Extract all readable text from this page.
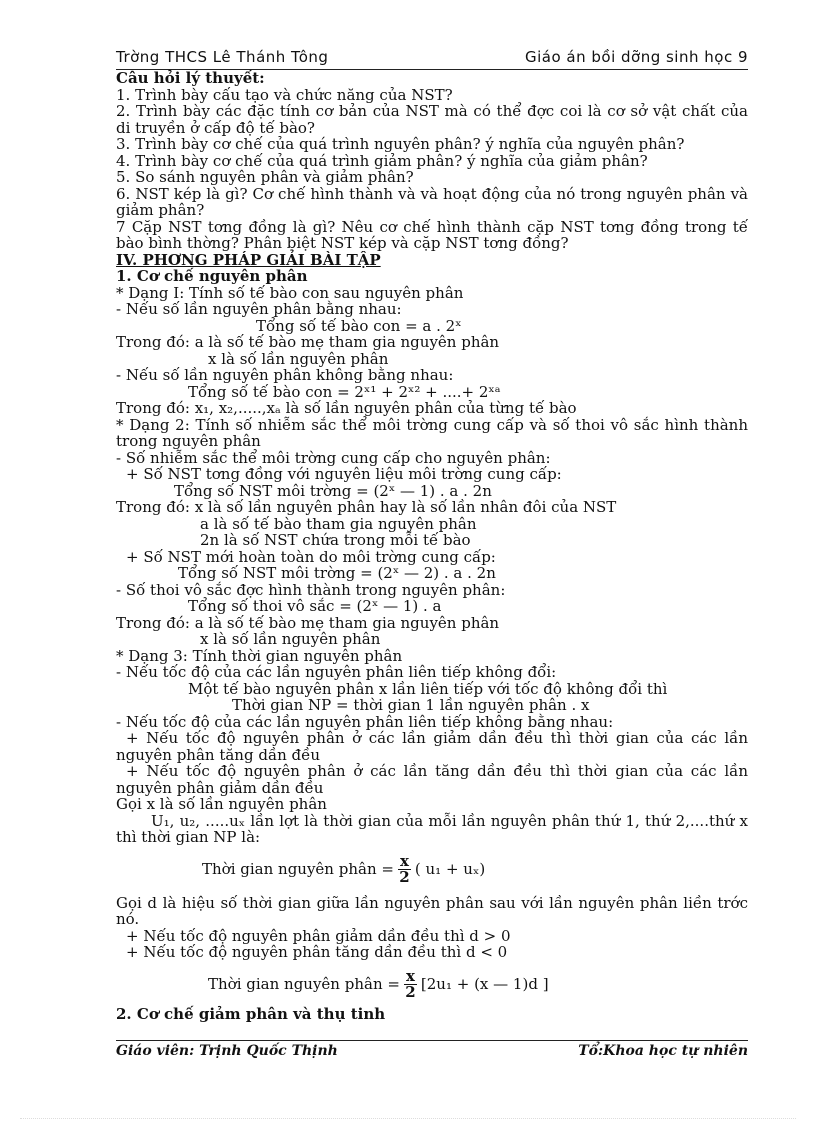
Trờng THCS Lê Thánh Tông	Giáo án bồi dỡng sinh học 9

Câu hỏi lý thuyết:

1. Trình bày cấu tạo và chức năng của NST?

2. Trình bày các đặc tính cơ bản của NST mà có thể đợc coi là cơ sở vật chất của di truyền ở cấp độ tế bào?

3. Trình bày cơ chế của quá trình nguyên phân? ý nghĩa của nguyên phân?

4. Trình bày cơ chế của quá trình giảm phân? ý nghĩa của giảm phân?

5. So sánh nguyên phân và giảm phân?

6. NST kép là gì? Cơ chế hình thành và và hoạt động của nó trong nguyên phân và giảm phân?

7 Cặp NST tơng đồng là gì? Nêu cơ chế hình thành cặp NST tơng đồng trong tế bào bình thờng? Phân biệt NST kép và cặp NST tơng đồng?

IV. PHƠNG PHÁP GIẢI BÀI TẬP

1. Cơ chế nguyên phân

* Dạng I: Tính số tế bào con sau nguyên phân

- Nếu số lần nguyên phân bằng nhau:

Tổng số tế bào con = a . 2ˣ

Trong đó: a là số tế bào mẹ tham gia nguyên phân

x là số lần nguyên phân

- Nếu số lần nguyên phân không bằng nhau:

Tổng số tế bào con = 2ˣ¹ + 2ˣ² + ....+ 2ˣᵃ

Trong đó: x₁, x₂,.....,xₐ là số lần nguyên phân của từng tế bào

* Dạng 2: Tính số nhiễm sắc thể môi trờng cung cấp và số thoi vô sắc hình thành trong nguyên phân

- Số nhiễm sắc thể môi trờng cung cấp cho nguyên phân:

+ Số NST tơng đồng với nguyên liệu môi trờng cung cấp:

Tổng số NST môi trờng = (2ˣ — 1) . a . 2n

Trong đó: x là số lần nguyên phân hay là số lần nhân đôi của NST

a là số tế bào tham gia nguyên phân

2n là số NST chứa trong mỗi tế bào

+ Số NST mới hoàn toàn do môi trờng cung cấp:

Tổng số NST môi trờng = (2ˣ — 2) . a . 2n

- Số thoi vô sắc đợc hình thành trong nguyên phân:

Tổng số thoi vô sắc = (2ˣ — 1) . a

Trong đó: a là số tế bào mẹ tham gia nguyên phân

x là số lần nguyên phân

* Dạng 3: Tính thời gian nguyên phân

- Nếu tốc độ của các lần nguyên phân liên tiếp không đổi:

Một tế bào nguyên phân x lần liên tiếp với tốc độ không đổi thì

Thời gian NP = thời gian 1 lần nguyên phân . x

- Nếu tốc độ của các lần nguyên phân liên tiếp không bằng nhau:

+ Nếu tốc độ nguyên phân ở các lần giảm dần đều thì thời gian của các lần nguyên phân tăng dần đều

+ Nếu tốc độ nguyên phân ở các lần tăng dần đều thì thời gian của các lần nguyên phân giảm dần đều

Gọi x là số lần nguyên phân

U₁, u₂, .....uₓ lần lợt là thời gian của mỗi lần nguyên phân thứ 1, thứ 2,....thứ x thì thời gian NP là:

Thời gian nguyên phân = $\frac{x}{2}$ ( u₁ + uₓ)

Gọi d là hiệu số thời gian giữa lần nguyên phân sau với lần nguyên phân liền trớc nó.

+ Nếu tốc độ nguyên phân giảm dần đều thì d > 0

+ Nếu tốc độ nguyên phân tăng dần đều thì d < 0

Thời gian nguyên phân = $\frac{x}{2} [2u_1 + (x$ — 1)d ]

2. Cơ chế giảm phân và thụ tinh

Giáo viên: Trịnh Quốc Thịnh	Tổ:Khoa học tự nhiên
